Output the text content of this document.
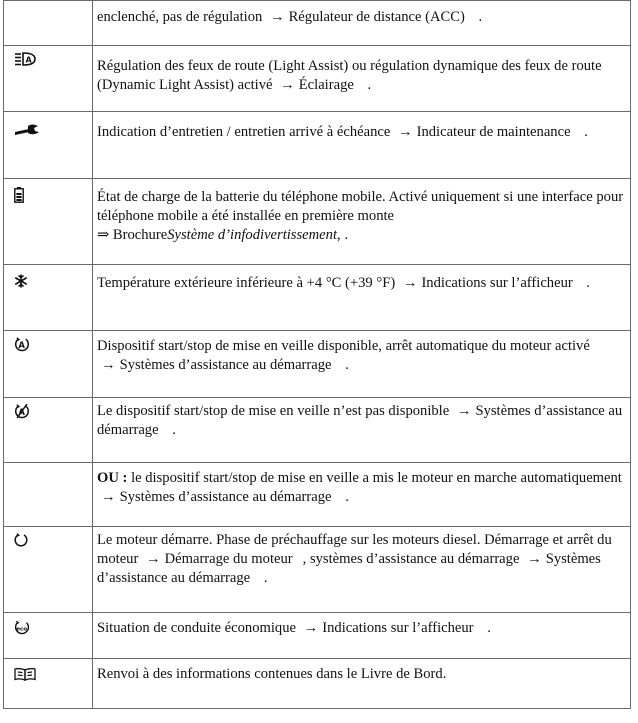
	enclenché, pas de régulation → Régulateur de distance (ACC) .

A	Régulation des feux de route (Light Assist) ou régulation dynamique des feux de route (Dynamic Light Assist) activé → Éclairage .

	Indication d’entretien / entretien arrivé à échéance → Indicateur de maintenance .

	État de charge de la batterie du téléphone mobile. Activé uniquement si une interface pour téléphone mobile a été installée en première monte
⇒ BrochureSystème d’infodivertissement, .

	Température extérieure inférieure à +4 °C (+39 °F) → Indications sur l’afficheur .

A	Dispositif start/stop de mise en veille disponible, arrêt automatique du moteur activé → Systèmes d’assistance au démarrage .

A	Le dispositif start/stop de mise en veille n’est pas disponible → Systèmes d’assistance au démarrage .
	OU : le dispositif start/stop de mise en veille a mis le moteur en marche automatiquement → Systèmes d’assistance au démarrage .

	Le moteur démarre. Phase de préchauffage sur les moteurs diesel. Démarrage et arrêt du moteur → Démarrage du moteur , systèmes d’assistance au démarrage → Systèmes d’assistance au démarrage .

eco	Situation de conduite économique → Indications sur l’afficheur .

	Renvoi à des informations contenues dans le Livre de Bord.
